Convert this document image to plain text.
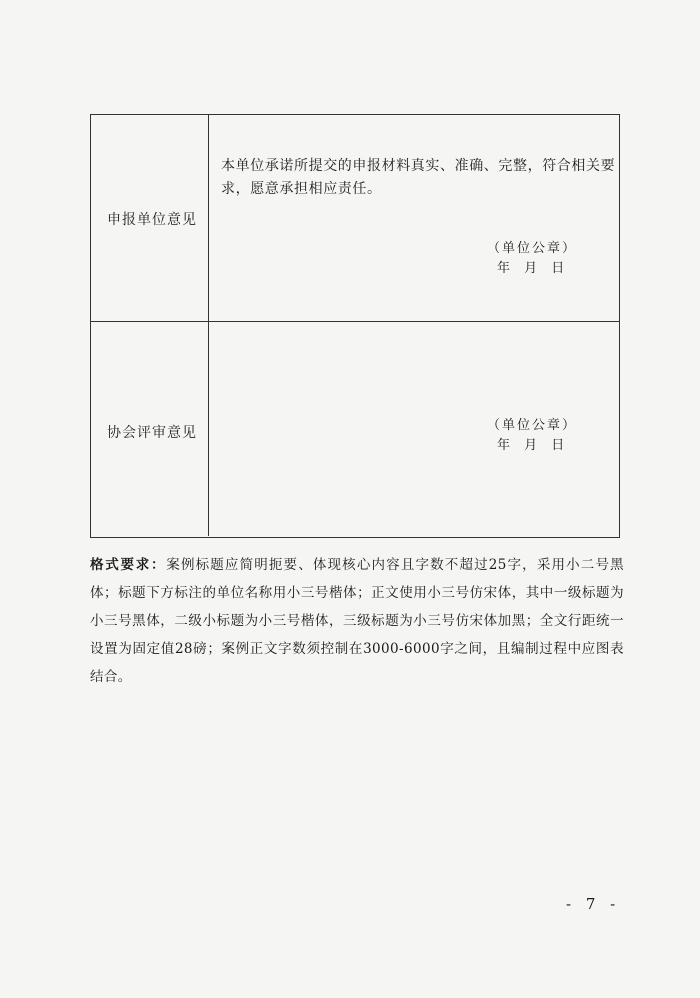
申报单位意见
本单位承诺所提交的申报材料真实、准确、完整，符合相关要求，愿意承担相应责任。
（单位公章）
年 月 日
协会评审意见	（单位公章）
年 月 日
格式要求：案例标题应简明扼要、体现核心内容且字数不超过25字，采用小二号黑体；标题下方标注的单位名称用小三号楷体；正文使用小三号仿宋体，其中一级标题为小三号黑体，二级小标题为小三号楷体，三级标题为小三号仿宋体加黑；全文行距统一设置为固定值28磅；案例正文字数须控制在3000-6000字之间，且编制过程中应图表结合。
- 7 -
